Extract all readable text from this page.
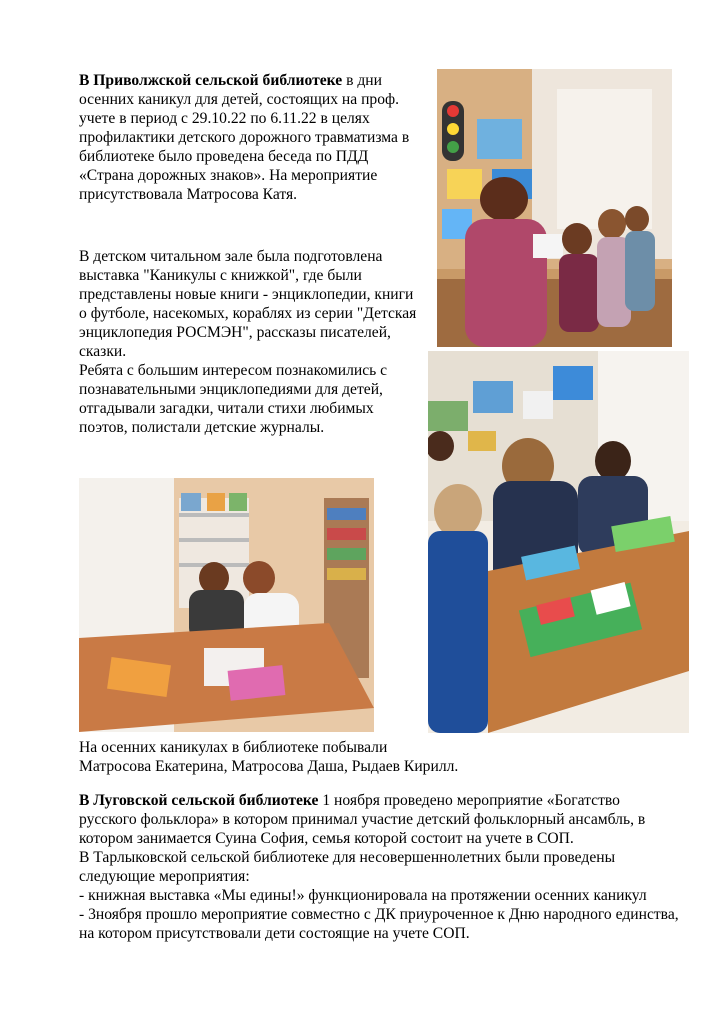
В Приволжской сельской библиотеке в дни осенних каникул для детей, состоящих на проф. учете в период с 29.10.22 по 6.11.22 в целях профилактики детского дорожного травматизма в библиотеке было проведена беседа по ПДД «Страна дорожных знаков». На мероприятие присутствовала Матросова Катя.

В детском читальном зале была подготовлена выставка "Каникулы с книжкой", где были представлены новые книги - энциклопедии, книги о футболе, насекомых, кораблях из серии "Детская энциклопедия РОСМЭН", рассказы писателей, сказки.
Ребята с большим интересом познакомились с познавательными энциклопедиями для детей, отгадывали загадки, читали стихи любимых поэтов, полистали детские журналы.

На осенних каникулах в библиотеке побывали
Матросова Екатерина, Матросова Даша, Рыдаев Кирилл.

В Луговской сельской библиотеке 1 ноября проведено мероприятие «Богатство русского фольклора» в котором принимал участие детский фольклорный ансамбль, в котором занимается Суина София, семья которой состоит на учете в СОП.
В Тарлыковской сельской библиотеке для несовершеннолетних были проведены следующие мероприятия:
- книжная выставка «Мы едины!» функционировала на протяжении осенних каникул
- 3ноября прошло мероприятие совместно с ДК приуроченное к Дню народного единства, на котором присутствовали дети состоящие на учете СОП.
